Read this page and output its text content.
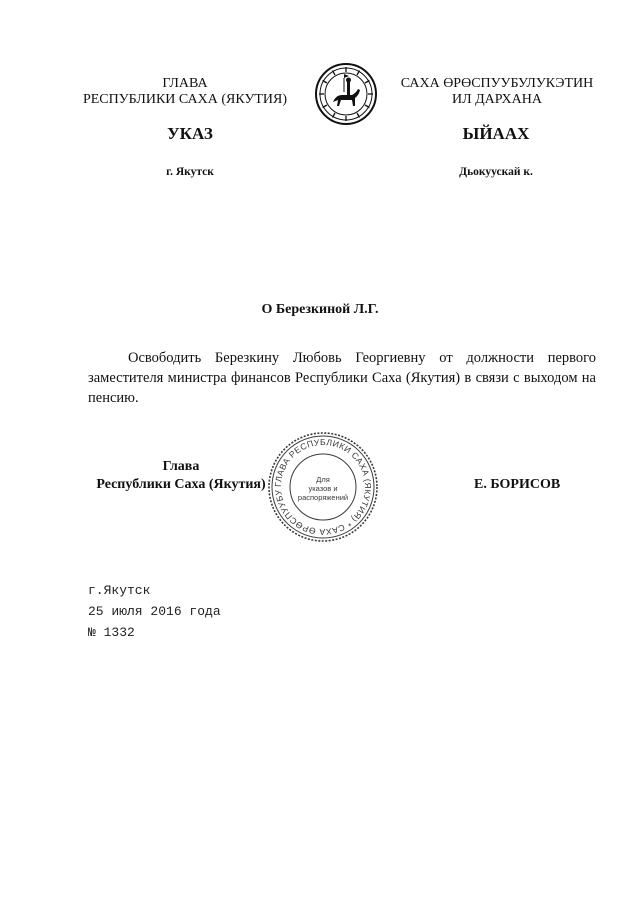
ГЛАВА
РЕСПУБЛИКИ САХА (ЯКУТИЯ)
САХА ӨРӨСПУУБУЛУКЭТИН
ИЛ ДАРХАНА
УКАЗ	ЫЙААХ
г. Якутск	Дьокуускай к.
О Березкиной Л.Г.
Освободить Березкину Любовь Георгиевну от должности первого заместителя министра финансов Республики Саха (Якутия) в связи с выходом на пенсию.
Глава
Республики Саха (Якутия)	Е. БОРИСОВ
ГЛАВА РЕСПУБЛИКИ САХА (ЯКУТИЯ) * САХА ӨРӨСПУУБУ
Для
указов и
распоряжений
г.Якутск
25 июля 2016 года
№ 1332
